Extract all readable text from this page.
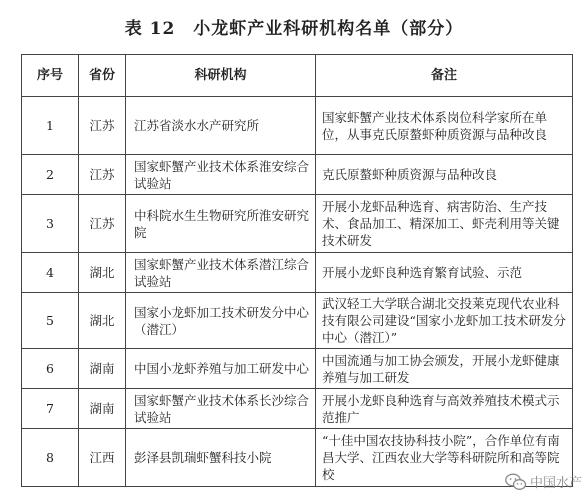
表 12　小龙虾产业科研机构名单（部分）
序号	省份	科研机构	备注
1	江苏	江苏省淡水水产研究所	国家虾蟹产业技术体系岗位科学家所在单位，从事克氏原螯虾种质资源与品种改良
2	江苏	国家虾蟹产业技术体系淮安综合试验站	克氏原螯虾种质资源与品种改良
3	江苏	中科院水生生物研究所淮安研究院	开展小龙虾品种选育、病害防治、生产技术、食品加工、精深加工、虾壳利用等关键技术研发
4	湖北	国家虾蟹产业技术体系潜江综合试验站	开展小龙虾良种选育繁育试验、示范
5	湖北	国家小龙虾加工技术研发分中心（潜江）	武汉轻工大学联合湖北交投莱克现代农业科技有限公司建设“国家小龙虾加工技术研发分中心（潜江）”
6	湖南	中国小龙虾养殖与加工研发中心	中国流通与加工协会颁发，开展小龙虾健康养殖与加工研发
7	湖南	国家虾蟹产业技术体系长沙综合试验站	开展小龙虾良种选育与高效养殖技术模式示范推广
8	江西	彭泽县凯瑞虾蟹科技小院	“十佳中国农技协科技小院”，合作单位有南昌大学、江西农业大学等科研院所和高等院校
中国水产
